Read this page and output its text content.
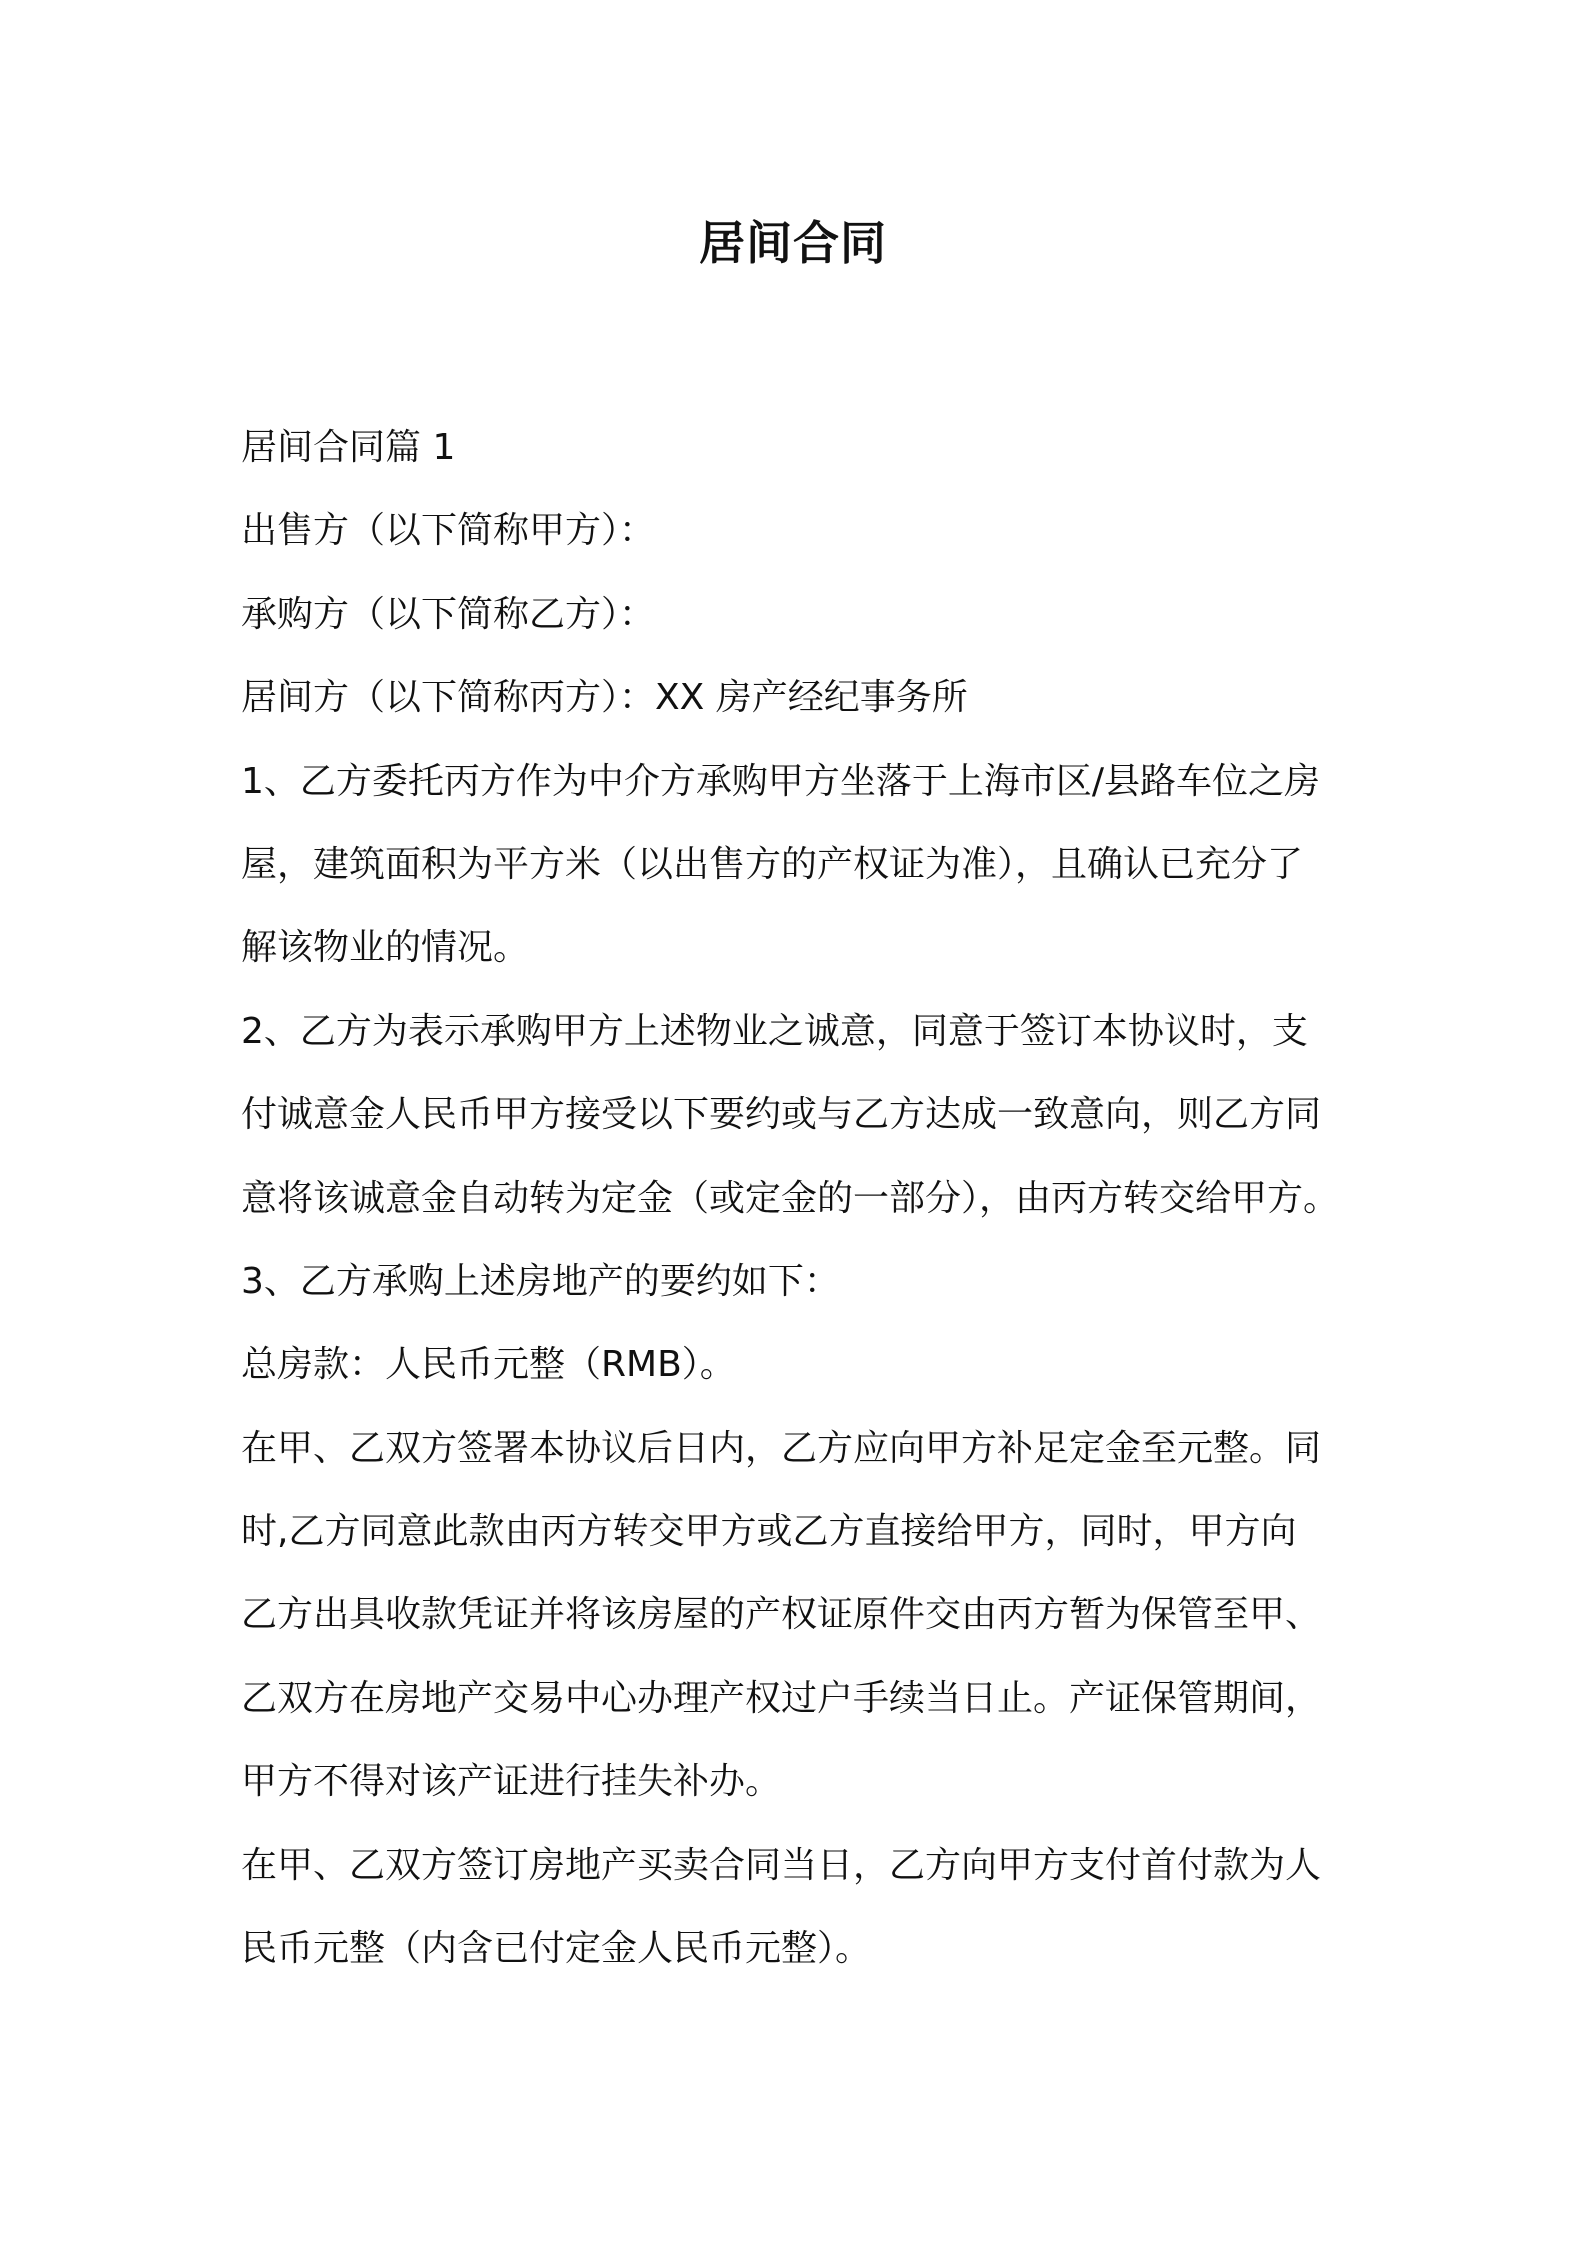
居间合同
居间合同篇 1
出售方（以下简称甲方）：
承购方（以下简称乙方）：
居间方（以下简称丙方）：XX 房产经纪事务所
1、乙方委托丙方作为中介方承购甲方坐落于上海市区/县路车位之房
屋，建筑面积为平方米（以出售方的产权证为准），且确认已充分了
解该物业的情况。
2、乙方为表示承购甲方上述物业之诚意，同意于签订本协议时，支
付诚意金人民币甲方接受以下要约或与乙方达成一致意向，则乙方同
意将该诚意金自动转为定金（或定金的一部分），由丙方转交给甲方。
3、乙方承购上述房地产的要约如下：
总房款：人民币元整（RMB）。
在甲、乙双方签署本协议后日内，乙方应向甲方补足定金至元整。同
时,乙方同意此款由丙方转交甲方或乙方直接给甲方，同时，甲方向
乙方出具收款凭证并将该房屋的产权证原件交由丙方暂为保管至甲、
乙双方在房地产交易中心办理产权过户手续当日止。产证保管期间，
甲方不得对该产证进行挂失补办。
在甲、乙双方签订房地产买卖合同当日，乙方向甲方支付首付款为人
民币元整（内含已付定金人民币元整）。
